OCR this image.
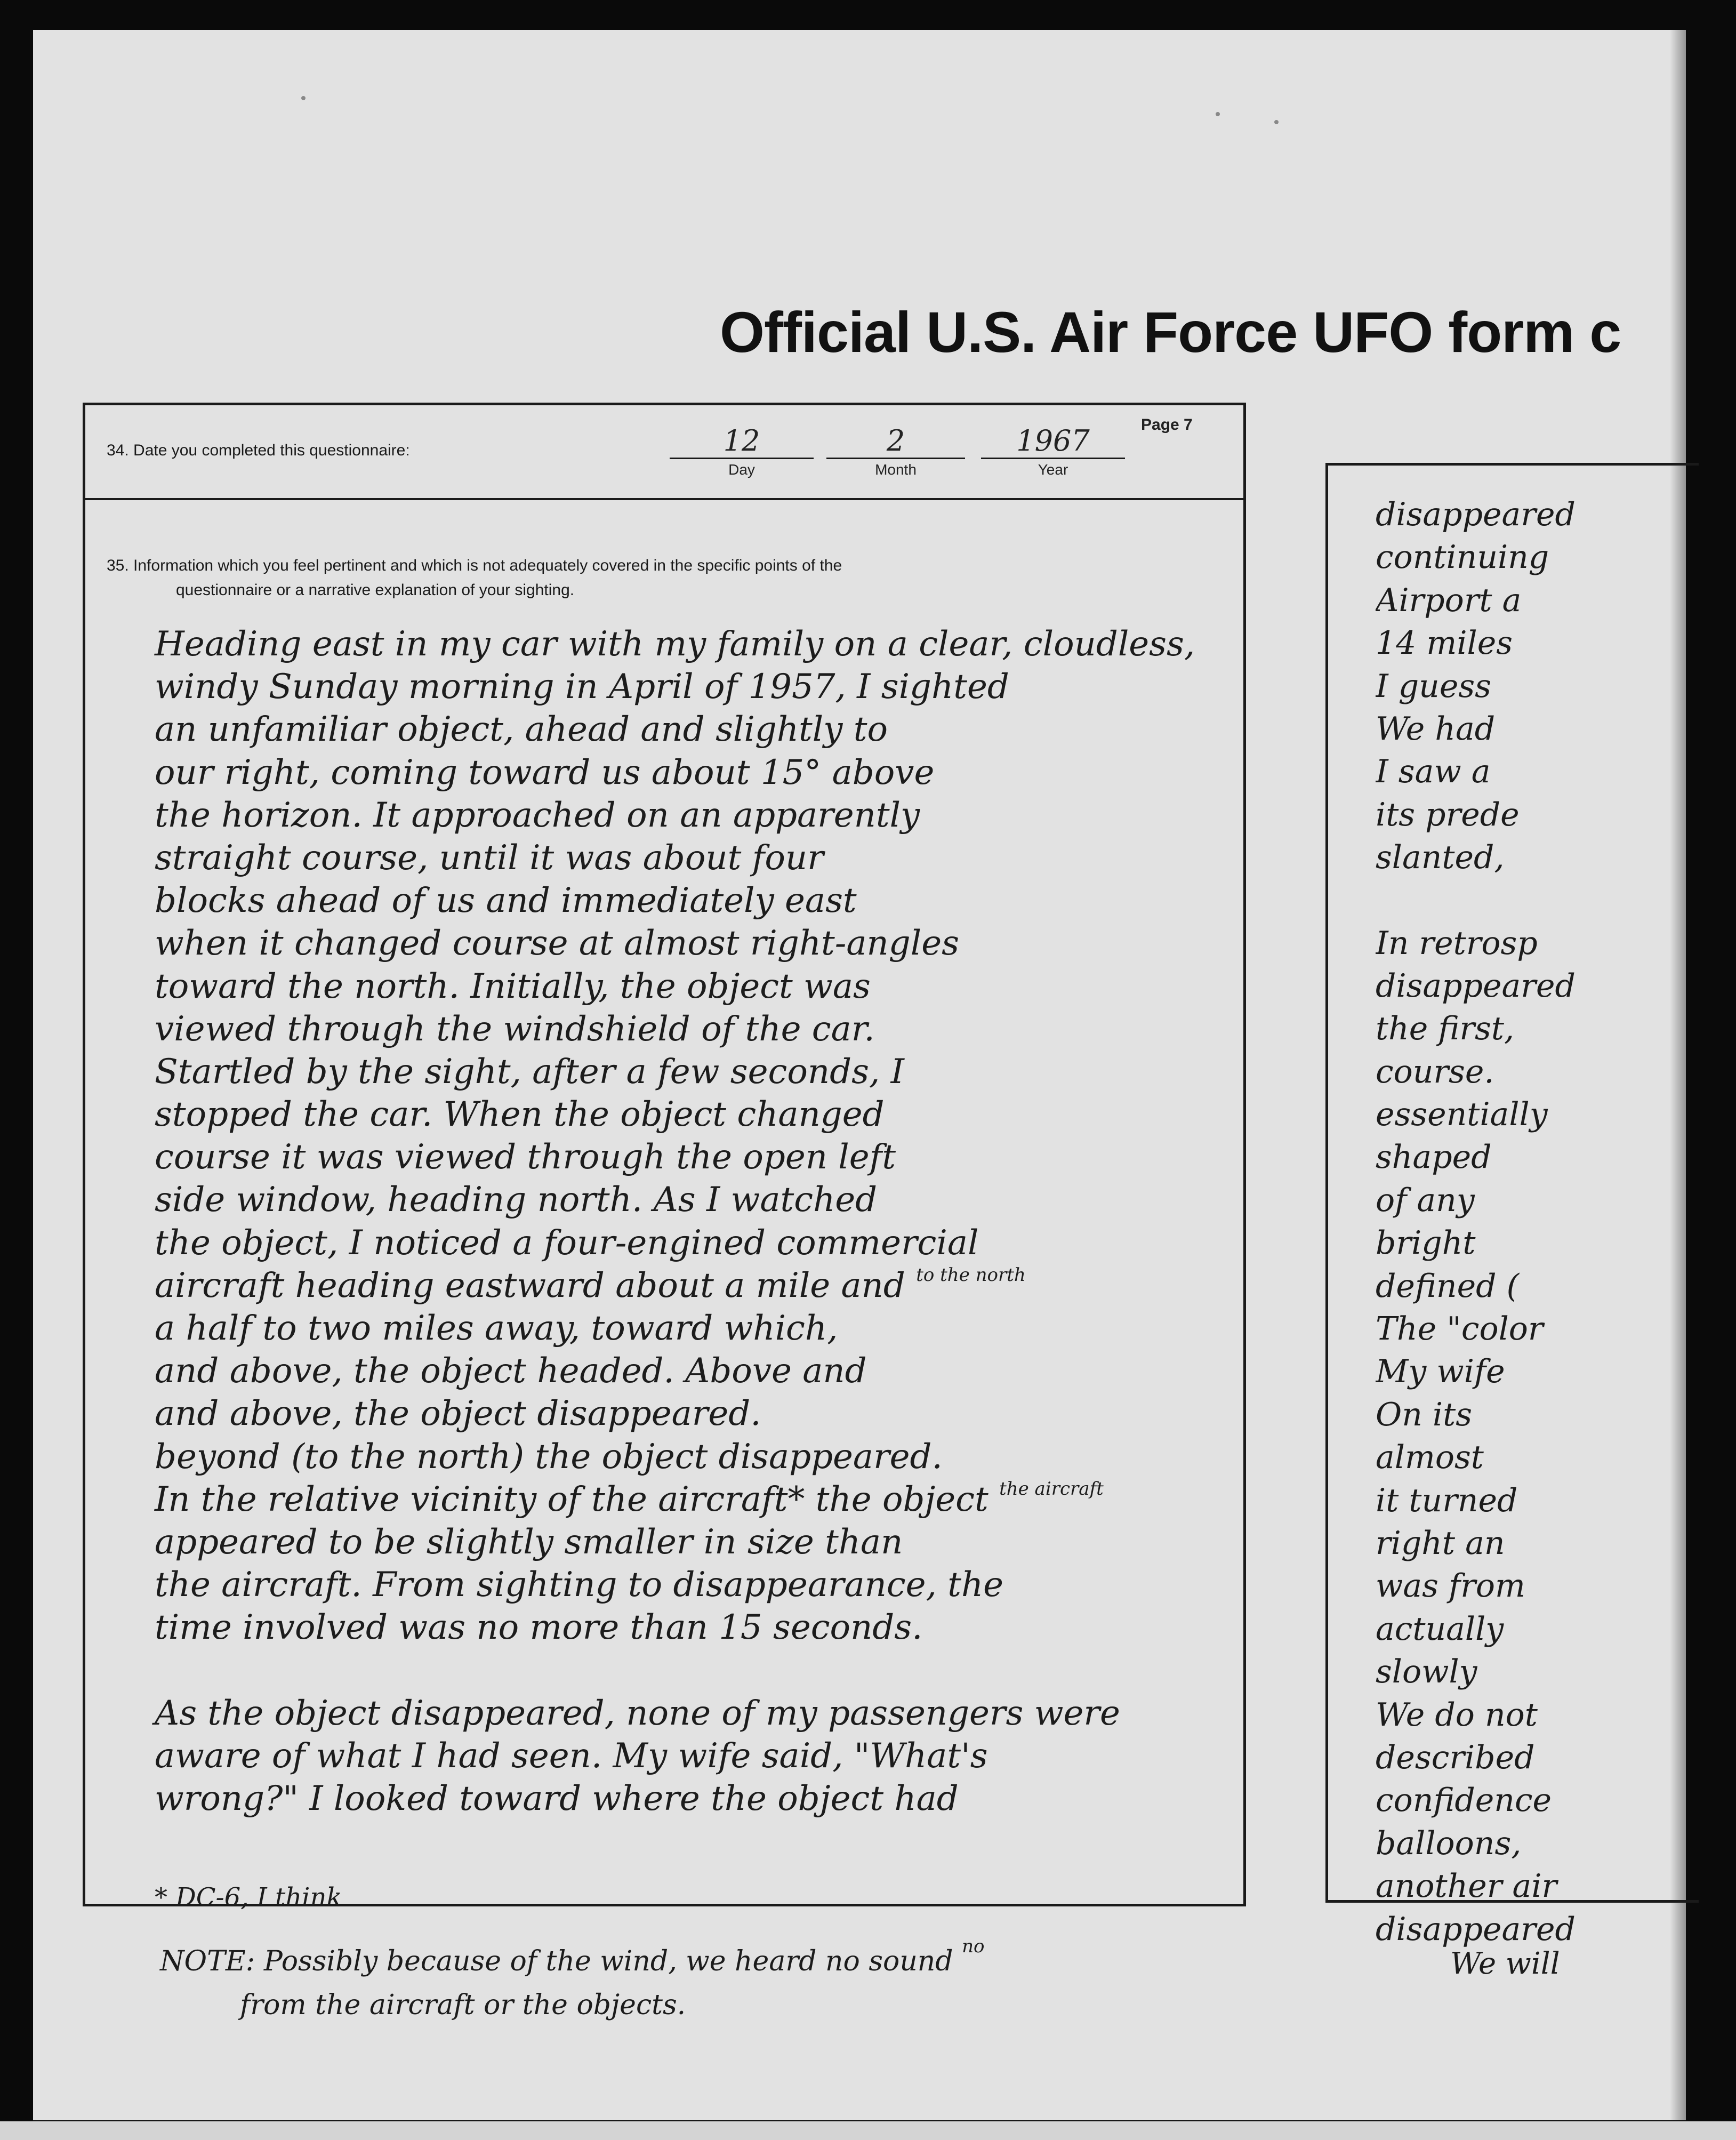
Official U.S. Air Force UFO form c
Page 7
34. Date you completed this questionnaire:	12
Day
2
Month
1967
Year
35. Information which you feel pertinent and which is not adequately covered in the specific points of the
questionnaire or a narrative explanation of your sighting.
Heading east in my car with my family on a clear, cloudless,
windy Sunday morning in April of 1957, I sighted
an unfamiliar object, ahead and slightly to
our right, coming toward us about 15° above
the horizon. It approached on an apparently
straight course, until it was about four
blocks ahead of us and immediately east
when it changed course at almost right-angles
toward the north. Initially, the object was
viewed through the windshield of the car.
Startled by the sight, after a few seconds, I
stopped the car. When the object changed
course it was viewed through the open left
side window, heading north. As I watched
the object, I noticed a four-engined commercial
aircraft heading eastward about a mile and $^{to the north}$
a half to two miles away, toward which,
and above, the object headed. Above and
and above, the object disappeared.
beyond (to the north) the object disappeared.
In the relative vicinity of the aircraft* the object $^{the aircraft}$
appeared to be slightly smaller in size than
the aircraft. From sighting to disappearance, the
time involved was no more than 15 seconds.
As the object disappeared, none of my passengers were
aware of what I had seen. My wife said, "What's
wrong?" I looked toward where the object had
* DC-6, I think
NOTE: Possibly because of the wind, we heard no sound $^{no}$
from the aircraft or the objects.
disappeared
continuing
Airport a
14 miles
I guess
We had
I saw a
its prede
slanted,
In retrosp
disappeared
the first,
course.
essentially
shaped
of any
bright
defined (
The "color
My wife
On its
almost
it turned
right an
was from
actually
slowly
We do not
described
confidence
balloons,
another air
disappeared
We will
